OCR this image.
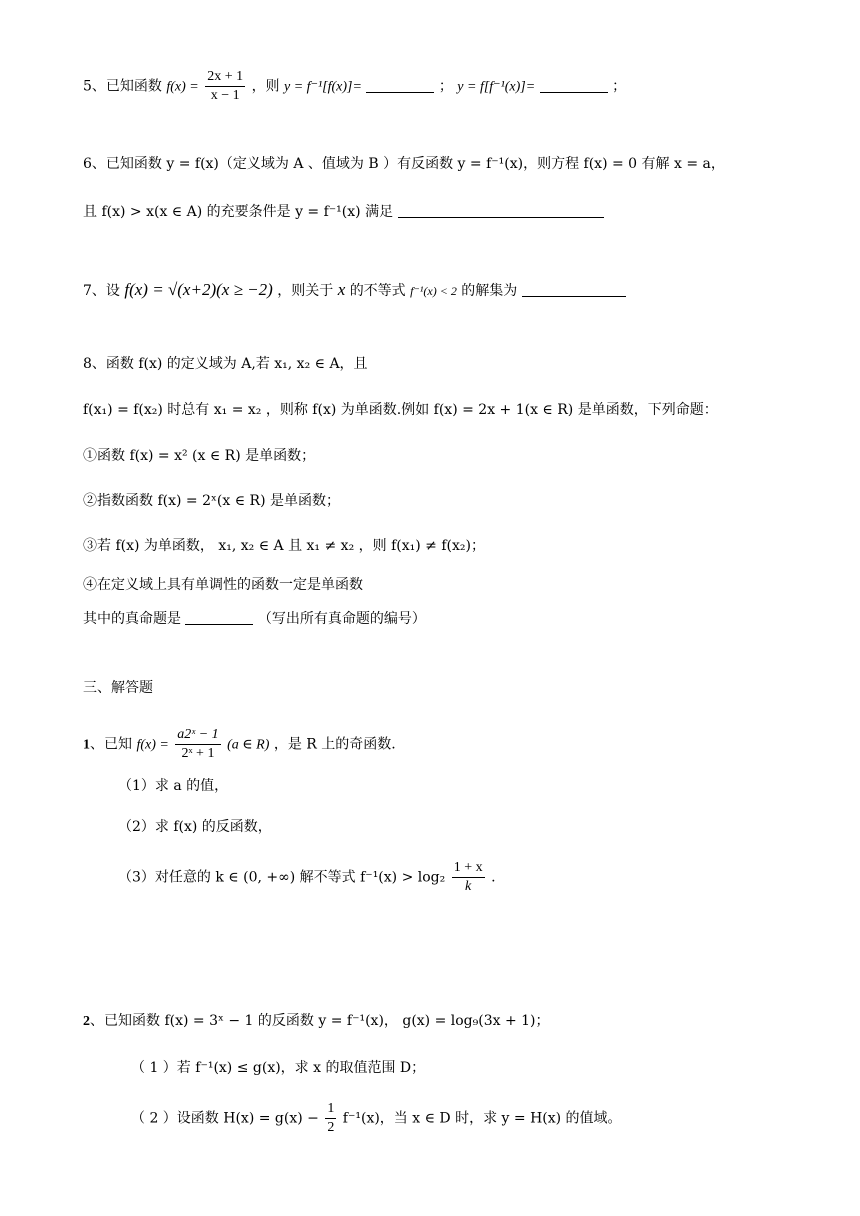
5、已知函数 $f(x) = \frac{2x + 1}{x - 1}$ ，则 y = f⁻¹[f(x)]=	； y = f[f⁻¹(x)]=	；
6、已知函数 y = f(x)（定义域为 A 、值域为 B ）有反函数 y = f⁻¹(x)，则方程 f(x) = 0 有解 x = a，
且 f(x) > x(x ∈ A) 的充要条件是 y = f⁻¹(x) 满足
7、设 f(x) = √(x+2)(x ≥ −2) ，则关于 x 的不等式 f⁻¹(x) < 2 的解集为
8、函数 f(x) 的定义域为 A,若 x₁, x₂ ∈ A，且
f(x₁) = f(x₂) 时总有 x₁ = x₂ ，则称 f(x) 为单函数.例如 f(x) = 2x + 1(x ∈ R) 是单函数，下列命题：
①函数 f(x) = x² (x ∈ R) 是单函数；
②指数函数 f(x) = 2ˣ(x ∈ R) 是单函数；
③若 f(x) 为单函数， x₁, x₂ ∈ A 且 x₁ ≠ x₂ ，则 f(x₁) ≠ f(x₂)；
④在定义域上具有单调性的函数一定是单函数
其中的真命题是	（写出所有真命题的编号）
三、解答题
1、已知 $f(x) = \frac{\text{a2ˣ − 1}}{\text{2ˣ + 1}} (a$ ∈ R) ，是 R 上的奇函数.
（1）求 a 的值，
（2）求 f(x) 的反函数，
（3）对任意的 k ∈ (0, +∞) 解不等式 $f^{-1}(x) > \log_2 \frac{1 + x}{k}$ .
2、已知函数 f(x) = 3ˣ − 1 的反函数 y = f⁻¹(x)， g(x) = log₉(3x + 1)；
（ 1 ）若 f⁻¹(x) ≤ g(x)，求 x 的取值范围 D；
（ 2 ）设函数 $H(x) = g(x) - \frac{1}{2} f^{-1}(x)$，当 x ∈ D 时，求 y = H(x) 的值域。
